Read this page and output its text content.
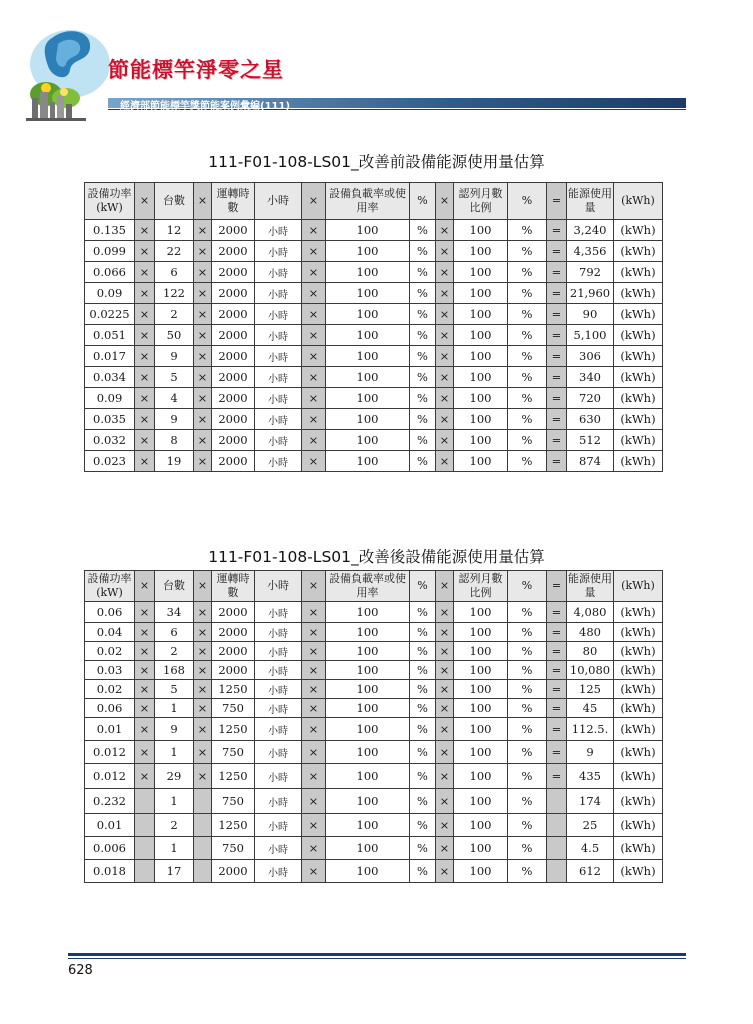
節能標竿淨零之星
經濟部節能標竿獎節能案例彙編(111)
111-F01-108-LS01_改善前設備能源使用量估算
設備功率(kW)	×	台數	×	運轉時數	小時	×	設備負載率或使用率	%	×	認列月數比例	%	=	能源使用量	(kWh)
0.135	×	12	×	2000	小時	×	100	%	×	100	%	=	3,240	(kWh)
0.099	×	22	×	2000	小時	×	100	%	×	100	%	=	4,356	(kWh)
0.066	×	6	×	2000	小時	×	100	%	×	100	%	=	792	(kWh)
0.09	×	122	×	2000	小時	×	100	%	×	100	%	=	21,960	(kWh)
0.0225	×	2	×	2000	小時	×	100	%	×	100	%	=	90	(kWh)
0.051	×	50	×	2000	小時	×	100	%	×	100	%	=	5,100	(kWh)
0.017	×	9	×	2000	小時	×	100	%	×	100	%	=	306	(kWh)
0.034	×	5	×	2000	小時	×	100	%	×	100	%	=	340	(kWh)
0.09	×	4	×	2000	小時	×	100	%	×	100	%	=	720	(kWh)
0.035	×	9	×	2000	小時	×	100	%	×	100	%	=	630	(kWh)
0.032	×	8	×	2000	小時	×	100	%	×	100	%	=	512	(kWh)
0.023	×	19	×	2000	小時	×	100	%	×	100	%	=	874	(kWh)
111-F01-108-LS01_改善後設備能源使用量估算
設備功率(kW)	×	台數	×	運轉時數	小時	×	設備負載率或使用率	%	×	認列月數比例	%	=	能源使用量	(kWh)
0.06	×	34	×	2000	小時	×	100	%	×	100	%	=	4,080	(kWh)
0.04	×	6	×	2000	小時	×	100	%	×	100	%	=	480	(kWh)
0.02	×	2	×	2000	小時	×	100	%	×	100	%	=	80	(kWh)
0.03	×	168	×	2000	小時	×	100	%	×	100	%	=	10,080	(kWh)
0.02	×	5	×	1250	小時	×	100	%	×	100	%	=	125	(kWh)
0.06	×	1	×	750	小時	×	100	%	×	100	%	=	45	(kWh)
0.01	×	9	×	1250	小時	×	100	%	×	100	%	=	112.5.	(kWh)
0.012	×	1	×	750	小時	×	100	%	×	100	%	=	9	(kWh)
0.012	×	29	×	1250	小時	×	100	%	×	100	%	=	435	(kWh)
0.232		1		750	小時	×	100	%	×	100	%		174	(kWh)
0.01		2		1250	小時	×	100	%	×	100	%		25	(kWh)
0.006		1		750	小時	×	100	%	×	100	%		4.5	(kWh)
0.018		17		2000	小時	×	100	%	×	100	%		612	(kWh)
628
